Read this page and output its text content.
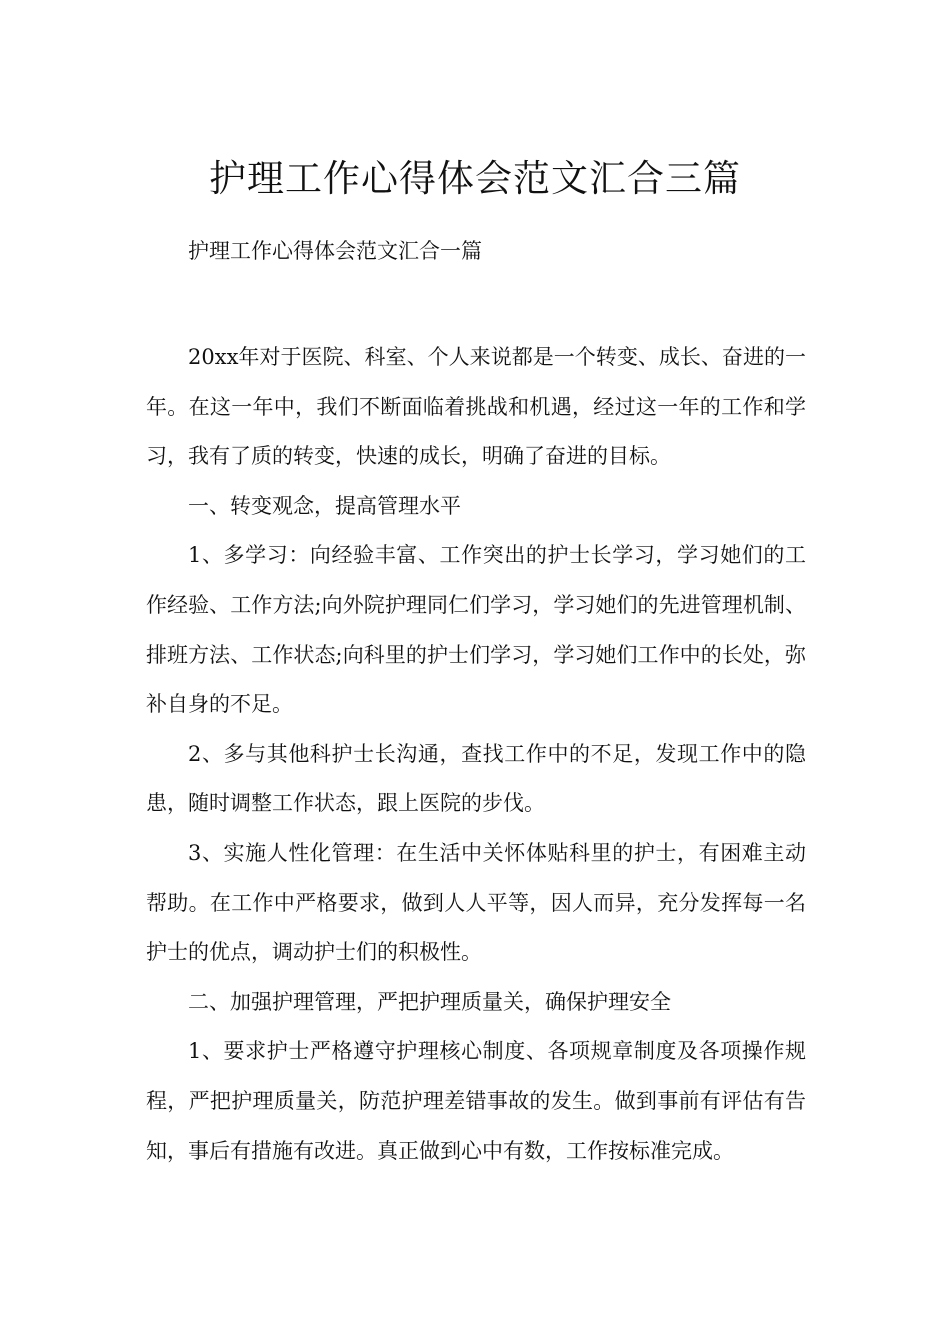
护理工作心得体会范文汇合三篇
护理工作心得体会范文汇合一篇

20xx年对于医院、科室、个人来说都是一个转变、成长、奋进的一年。在这一年中，我们不断面临着挑战和机遇，经过这一年的工作和学习，我有了质的转变，快速的成长，明确了奋进的目标。

一、转变观念，提高管理水平

1、多学习：向经验丰富、工作突出的护士长学习，学习她们的工作经验、工作方法;向外院护理同仁们学习，学习她们的先进管理机制、排班方法、工作状态;向科里的护士们学习，学习她们工作中的长处，弥补自身的不足。

2、多与其他科护士长沟通，查找工作中的不足，发现工作中的隐患，随时调整工作状态，跟上医院的步伐。

3、实施人性化管理：在生活中关怀体贴科里的护士，有困难主动帮助。在工作中严格要求，做到人人平等，因人而异，充分发挥每一名护士的优点，调动护士们的积极性。

二、加强护理管理，严把护理质量关，确保护理安全

1、要求护士严格遵守护理核心制度、各项规章制度及各项操作规程，严把护理质量关，防范护理差错事故的发生。做到事前有评估有告知，事后有措施有改进。真正做到心中有数，工作按标准完成。
